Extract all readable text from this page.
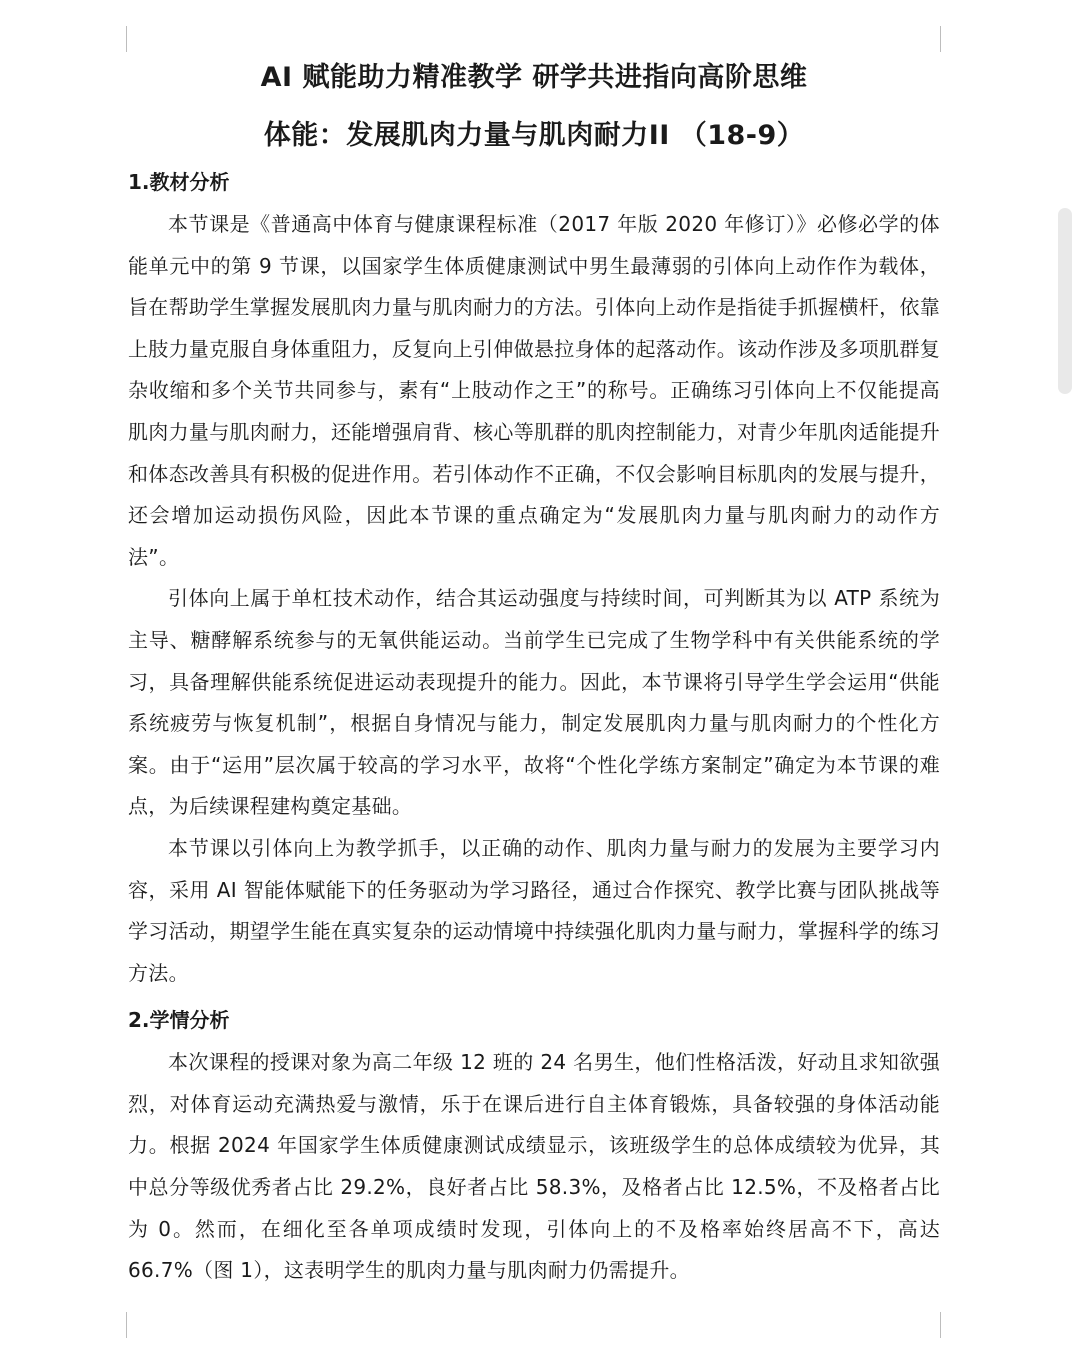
AI 赋能助力精准教学 研学共进指向高阶思维
体能：发展肌肉力量与肌肉耐力II （18-9）
1.教材分析

本节课是《普通高中体育与健康课程标准（2017 年版 2020 年修订）》必修必学的体能单元中的第 9 节课，以国家学生体质健康测试中男生最薄弱的引体向上动作作为载体，旨在帮助学生掌握发展肌肉力量与肌肉耐力的方法。引体向上动作是指徒手抓握横杆，依靠上肢力量克服自身体重阻力，反复向上引伸做悬拉身体的起落动作。该动作涉及多项肌群复杂收缩和多个关节共同参与，素有“上肢动作之王”的称号。正确练习引体向上不仅能提高肌肉力量与肌肉耐力，还能增强肩背、核心等肌群的肌肉控制能力，对青少年肌肉适能提升和体态改善具有积极的促进作用。若引体动作不正确，不仅会影响目标肌肉的发展与提升，还会增加运动损伤风险，因此本节课的重点确定为“发展肌肉力量与肌肉耐力的动作方法”。

引体向上属于单杠技术动作，结合其运动强度与持续时间，可判断其为以 ATP 系统为主导、糖酵解系统参与的无氧供能运动。当前学生已完成了生物学科中有关供能系统的学习，具备理解供能系统促进运动表现提升的能力。因此，本节课将引导学生学会运用“供能系统疲劳与恢复机制”，根据自身情况与能力，制定发展肌肉力量与肌肉耐力的个性化方案。由于“运用”层次属于较高的学习水平，故将“个性化学练方案制定”确定为本节课的难点，为后续课程建构奠定基础。

本节课以引体向上为教学抓手，以正确的动作、肌肉力量与耐力的发展为主要学习内容，采用 AI 智能体赋能下的任务驱动为学习路径，通过合作探究、教学比赛与团队挑战等学习活动，期望学生能在真实复杂的运动情境中持续强化肌肉力量与耐力，掌握科学的练习方法。

2.学情分析

本次课程的授课对象为高二年级 12 班的 24 名男生，他们性格活泼，好动且求知欲强烈，对体育运动充满热爱与激情，乐于在课后进行自主体育锻炼，具备较强的身体活动能力。根据 2024 年国家学生体质健康测试成绩显示，该班级学生的总体成绩较为优异，其中总分等级优秀者占比 29.2%，良好者占比 58.3%，及格者占比 12.5%，不及格者占比为 0。然而，在细化至各单项成绩时发现，引体向上的不及格率始终居高不下，高达 66.7%（图 1），这表明学生的肌肉力量与肌肉耐力仍需提升。
